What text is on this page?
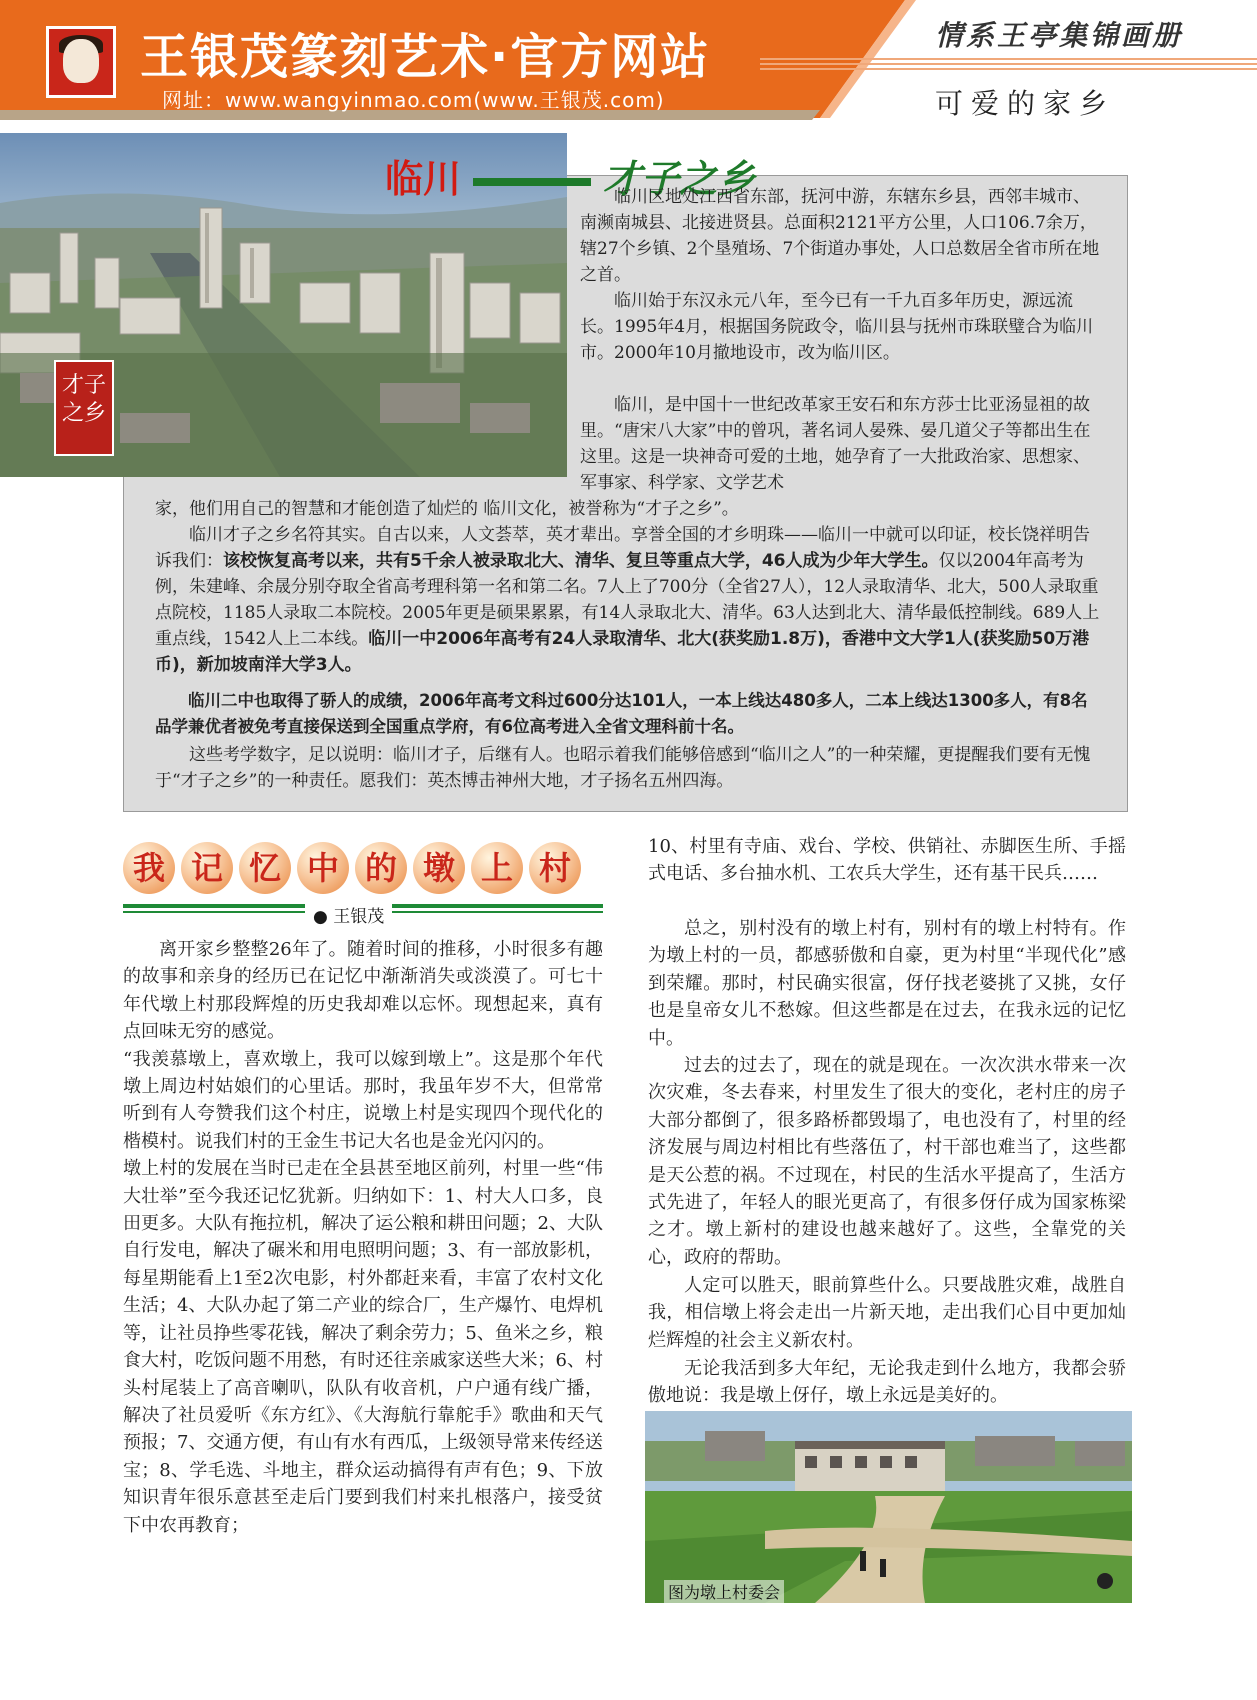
王银茂篆刻艺术·官方网站
网址：www.wangyinmao.com(www.王银茂.com)
情系王亭集锦画册
可爱的家乡
才子之乡
临川	才子之乡
临川区地处江西省东部，抚河中游，东辖东乡县，西邻丰城市、南濒南城县、北接进贤县。总面积2121平方公里，人口106.7余万，辖27个乡镇、2个垦殖场、7个街道办事处，人口总数居全省市所在地之首。
临川始于东汉永元八年，至今已有一千九百多年历史，源远流长。1995年4月，根据国务院政令，临川县与抚州市珠联璧合为临川市。2000年10月撤地设市，改为临川区。
临川，是中国十一世纪改革家王安石和东方莎士比亚汤显祖的故里。“唐宋八大家”中的曾巩，著名词人晏殊、晏几道父子等都出生在这里。这是一块神奇可爱的土地，她孕育了一大批政治家、思想家、军事家、科学家、文学艺术
家，他们用自己的智慧和才能创造了灿烂的 临川文化，被誉称为“才子之乡”。
临川才子之乡名符其实。自古以来，人文荟萃，英才辈出。享誉全国的才乡明珠——临川一中就可以印证，校长饶祥明告诉我们：该校恢复高考以来，共有5千余人被录取北大、清华、复旦等重点大学，46人成为少年大学生。仅以2004年高考为例，朱建峰、余晟分别夺取全省高考理科第一名和第二名。7人上了700分（全省27人），12人录取清华、北大，500人录取重点院校，1185人录取二本院校。2005年更是硕果累累，有14人录取北大、清华。63人达到北大、清华最低控制线。689人上重点线，1542人上二本线。临川一中2006年高考有24人录取清华、北大(获奖励1.8万)，香港中文大学1人(获奖励50万港币)，新加坡南洋大学3人。
临川二中也取得了骄人的成绩，2006年高考文科过600分达101人，一本上线达480多人，二本上线达1300多人，有8名品学兼优者被免考直接保送到全国重点学府，有6位高考进入全省文理科前十名。
这些考学数字，足以说明：临川才子，后继有人。也昭示着我们能够倍感到“临川之人”的一种荣耀，更提醒我们要有无愧于“才子之乡”的一种责任。愿我们：英杰博击神州大地，才子扬名五州四海。
我 记 忆 中 的 墩 上 村
● 王银茂
离开家乡整整26年了。随着时间的推移，小时很多有趣的故事和亲身的经历已在记忆中渐渐消失或淡漠了。可七十年代墩上村那段辉煌的历史我却难以忘怀。现想起来，真有点回味无穷的感觉。
“我羡慕墩上，喜欢墩上，我可以嫁到墩上”。这是那个年代墩上周边村姑娘们的心里话。那时，我虽年岁不大，但常常听到有人夸赞我们这个村庄，说墩上村是实现四个现代化的楷模村。说我们村的王金生书记大名也是金光闪闪的。
墩上村的发展在当时已走在全县甚至地区前列，村里一些“伟大壮举”至今我还记忆犹新。归纳如下：1、村大人口多，良田更多。大队有拖拉机，解决了运公粮和耕田问题；2、大队自行发电，解决了碾米和用电照明问题；3、有一部放影机，每星期能看上1至2次电影，村外都赶来看，丰富了农村文化生活；4、大队办起了第二产业的综合厂，生产爆竹、电焊机等，让社员挣些零花钱，解决了剩余劳力；5、鱼米之乡，粮食大村，吃饭问题不用愁，有时还往亲戚家送些大米；6、村头村尾装上了高音喇叭，队队有收音机，户户通有线广播，解决了社员爱听《东方红》、《大海航行靠舵手》歌曲和天气预报；7、交通方便，有山有水有西瓜，上级领导常来传经送宝；8、学毛选、斗地主，群众运动搞得有声有色；9、下放知识青年很乐意甚至走后门要到我们村来扎根落户，接受贫下中农再教育；
10、村里有寺庙、戏台、学校、供销社、赤脚医生所、手摇式电话、多台抽水机、工农兵大学生，还有基干民兵……
总之，别村没有的墩上村有，别村有的墩上村特有。作为墩上村的一员，都感骄傲和自豪，更为村里“半现代化”感到荣耀。那时，村民确实很富，伢仔找老婆挑了又挑，女仔也是皇帝女儿不愁嫁。但这些都是在过去，在我永远的记忆中。
过去的过去了，现在的就是现在。一次次洪水带来一次次灾难，冬去春来，村里发生了很大的变化，老村庄的房子大部分都倒了，很多路桥都毁塌了，电也没有了，村里的经济发展与周边村相比有些落伍了，村干部也难当了，这些都是天公惹的祸。不过现在，村民的生活水平提高了，生活方式先进了，年轻人的眼光更高了，有很多伢仔成为国家栋梁之才。墩上新村的建设也越来越好了。这些，全靠党的关心，政府的帮助。
人定可以胜天，眼前算些什么。只要战胜灾难，战胜自我，相信墩上将会走出一片新天地，走出我们心目中更加灿烂辉煌的社会主义新农村。
无论我活到多大年纪，无论我走到什么地方，我都会骄傲地说：我是墩上伢仔，墩上永远是美好的。
图为墩上村委会
